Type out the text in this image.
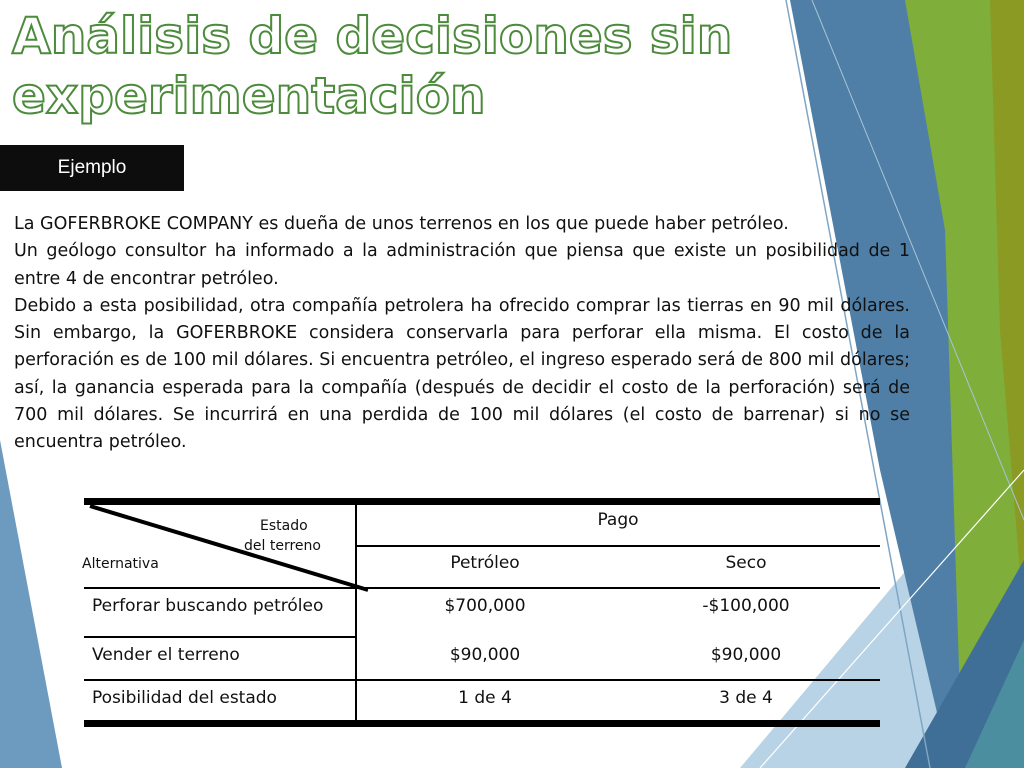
Análisis de decisiones sin experimentación
Ejemplo

La GOFERBROKE COMPANY es dueña de unos terrenos en los que puede haber petróleo.

Un geólogo consultor ha informado a la administración que piensa que existe un posibilidad de 1 entre 4 de encontrar petróleo.

Debido a esta posibilidad, otra compañía petrolera ha ofrecido comprar las tierras en 90 mil dólares. Sin embargo, la GOFERBROKE considera conservarla para perforar ella misma. El costo de la perforación es de 100 mil dólares. Si encuentra petróleo, el ingreso esperado será de 800 mil dólares; así, la ganancia esperada para la compañía (después de decidir el costo de la perforación) será de 700 mil dólares. Se incurrirá en una perdida de 100 mil dólares (el costo de barrenar) si no se encuentra petróleo.

Estado
del terreno
Alternativa
Pago
Petróleo	Seco
Perforar buscando petróleo	$700,000	-$100,000
Vender el terreno	$90,000	$90,000
Posibilidad del estado	1 de 4	3 de 4
